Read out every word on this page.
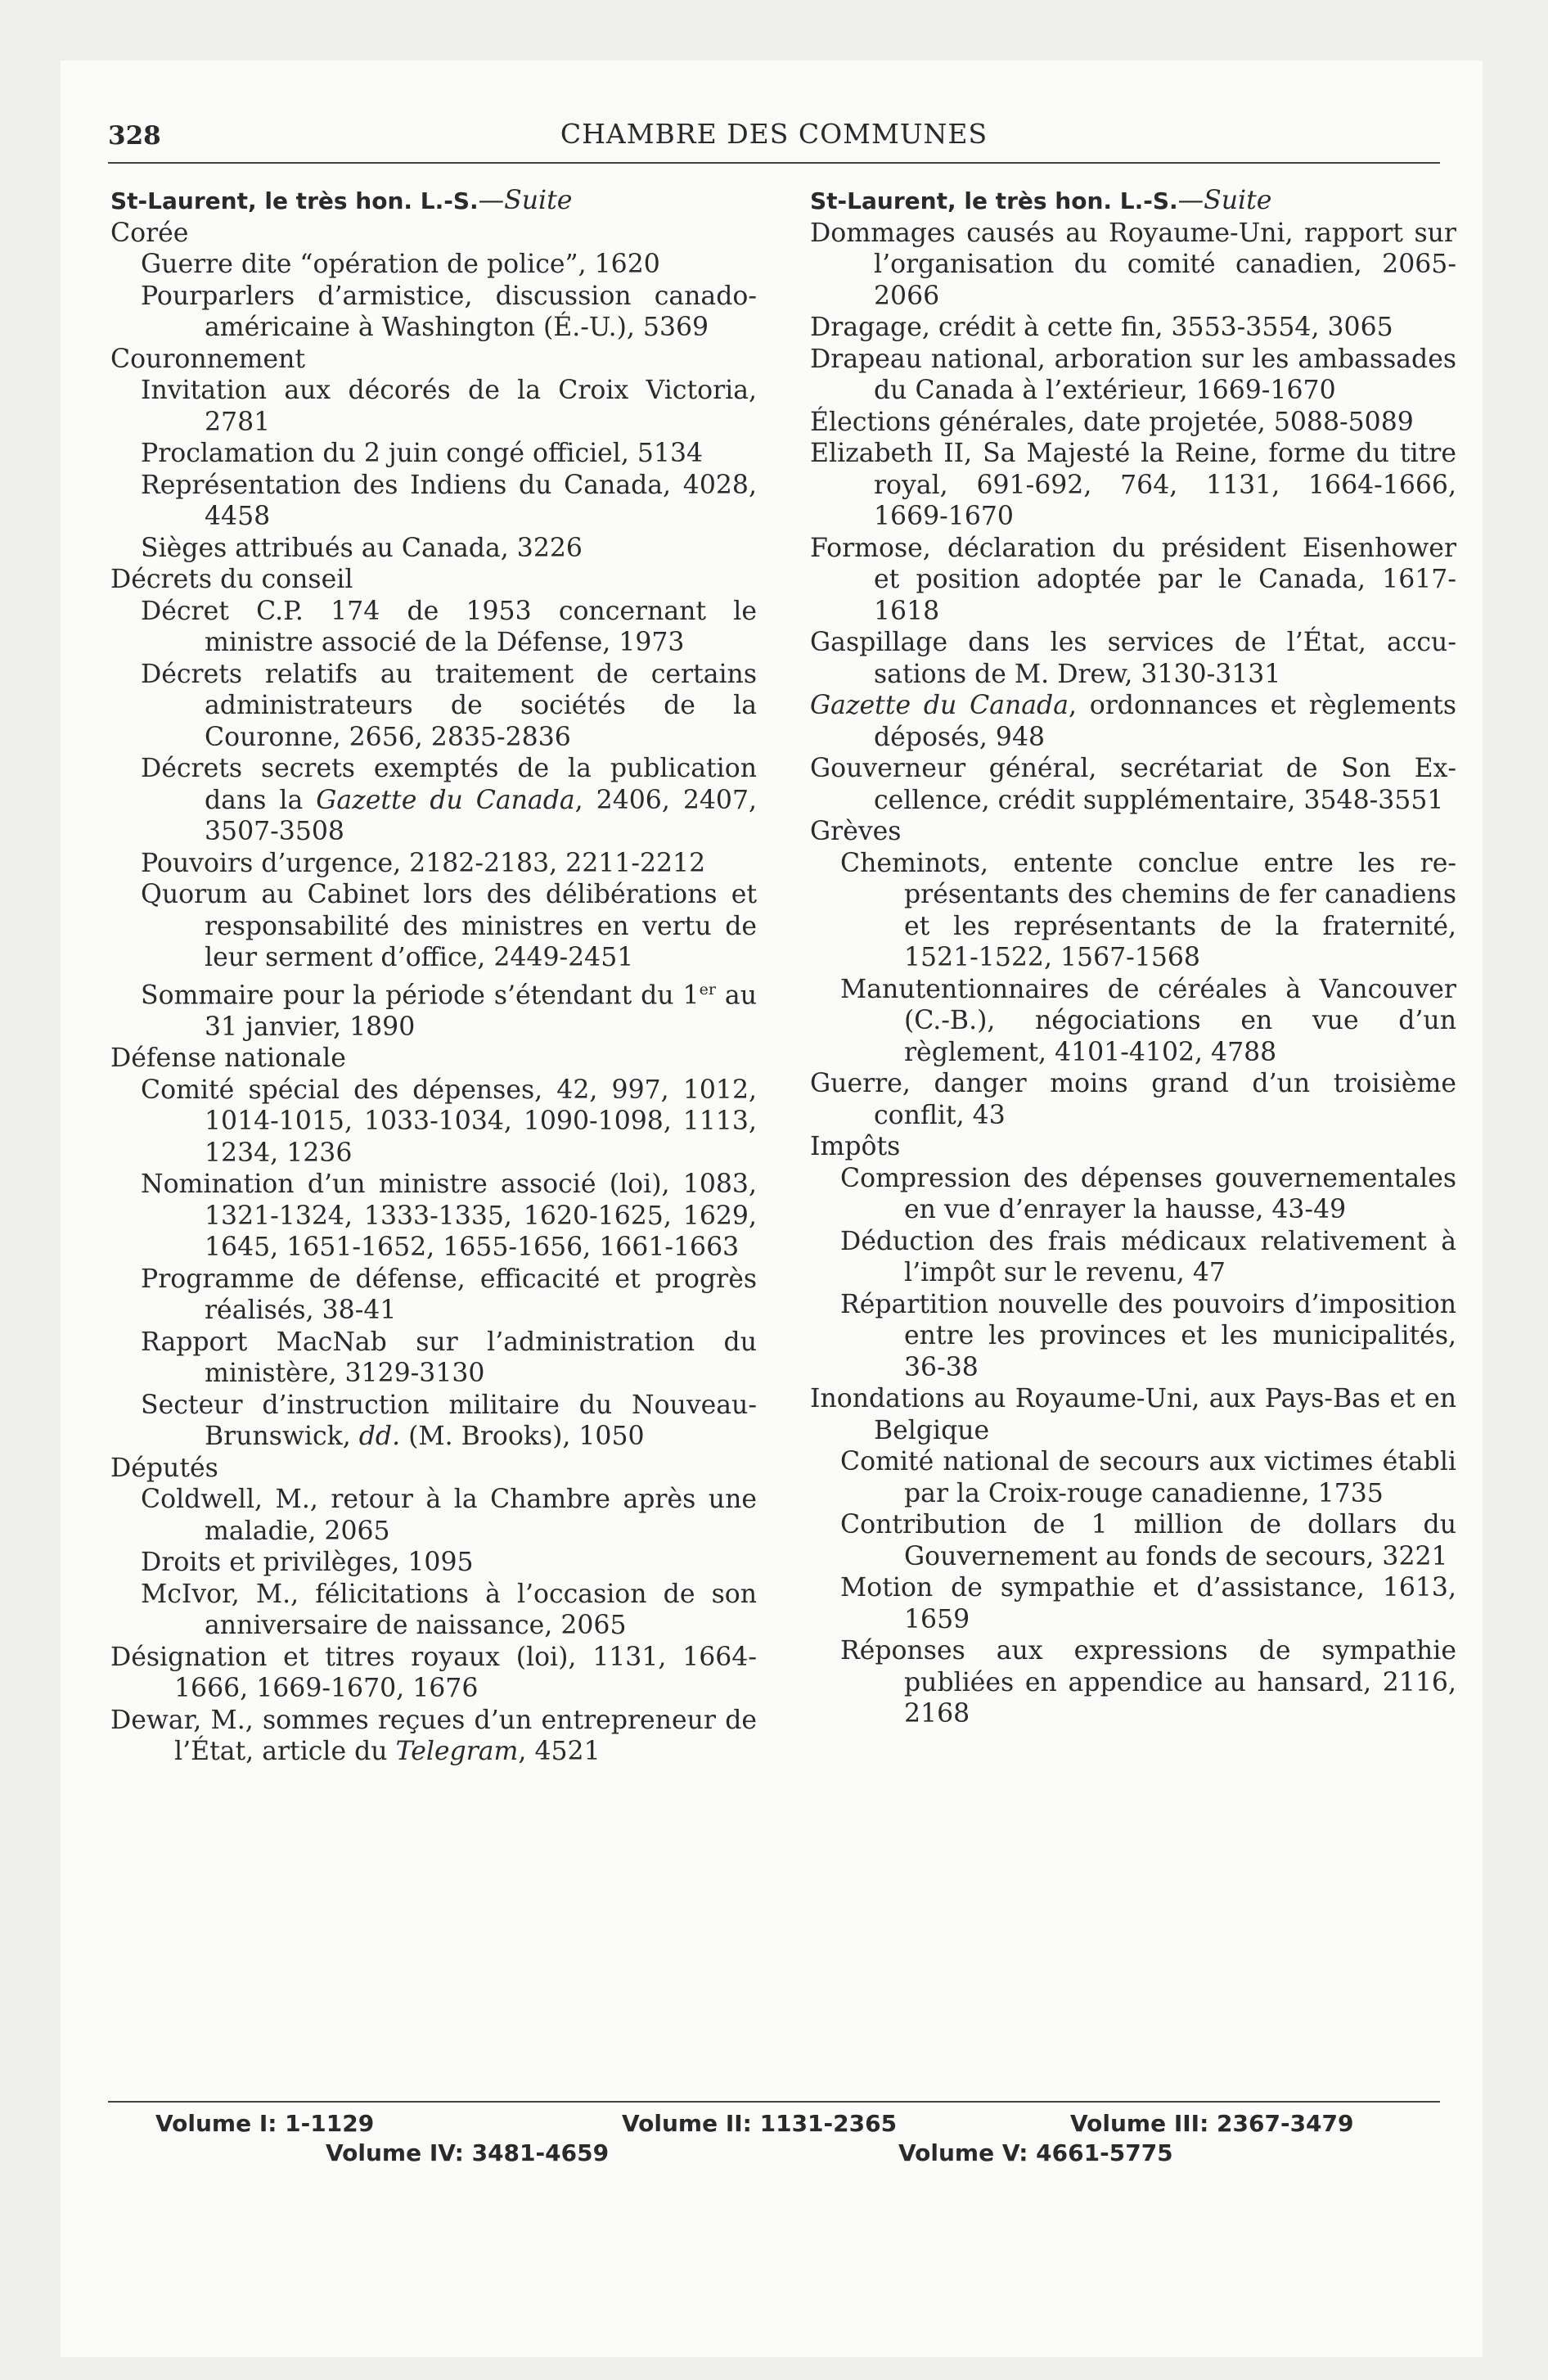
328	CHAMBRE DES COMMUNES
St-Laurent, le très hon. L.-S.—Suite
Corée
Guerre dite “opération de police”, 1620
Pourparlers d’armistice, discussion canado-américaine à Washington (É.-U.), 5369
Couronnement
Invitation aux décorés de la Croix Victoria, 2781
Proclamation du 2 juin congé officiel, 5134
Représentation des Indiens du Canada, 4028, 4458
Sièges attribués au Canada, 3226
Décrets du conseil
Décret C.P. 174 de 1953 concernant le ministre associé de la Défense, 1973
Décrets relatifs au traitement de certains administrateurs de sociétés de la Couronne, 2656, 2835-2836
Décrets secrets exemptés de la publication dans la Gazette du Canada, 2406, 2407, 3507-3508
Pouvoirs d’urgence, 2182-2183, 2211-2212
Quorum au Cabinet lors des délibérations et responsabilité des ministres en vertu de leur serment d’office, 2449-2451
Sommaire pour la période s’étendant du 1er au 31 janvier, 1890
Défense nationale
Comité spécial des dépenses, 42, 997, 1012, 1014-1015, 1033-1034, 1090-1098, 1113, 1234, 1236
Nomination d’un ministre associé (loi), 1083, 1321-1324, 1333-1335, 1620-1625, 1629, 1645, 1651-1652, 1655-1656, 1661-1663
Programme de défense, efficacité et progrès réalisés, 38-41
Rapport MacNab sur l’administration du ministère, 3129-3130
Secteur d’instruction militaire du Nouveau-Brunswick, dd. (M. Brooks), 1050
Députés
Coldwell, M., retour à la Chambre après une maladie, 2065
Droits et privilèges, 1095
McIvor, M., félicitations à l’occasion de son anniversaire de naissance, 2065
Désignation et titres royaux (loi), 1131, 1664-1666, 1669-1670, 1676
Dewar, M., sommes reçues d’un entrepreneur de l’État, article du Telegram, 4521
St-Laurent, le très hon. L.-S.—Suite
Dommages causés au Royaume-Uni, rapport sur l’organisation du comité canadien, 2065-2066
Dragage, crédit à cette fin, 3553-3554, 3065
Drapeau national, arboration sur les ambassades du Canada à l’extérieur, 1669-1670
Élections générales, date projetée, 5088-5089
Elizabeth II, Sa Majesté la Reine, forme du titre royal, 691-692, 764, 1131, 1664-1666, 1669-1670
Formose, déclaration du président Eisenhower et position adoptée par le Canada, 1617-1618
Gaspillage dans les services de l’État, accusations de M. Drew, 3130-3131
Gazette du Canada, ordonnances et règlements déposés, 948
Gouverneur général, secrétariat de Son Excellence, crédit supplémentaire, 3548-3551
Grèves
Cheminots, entente conclue entre les représentants des chemins de fer canadiens et les représentants de la fraternité, 1521-1522, 1567-1568
Manutentionnaires de céréales à Vancouver (C.-B.), négociations en vue d’un règlement, 4101-4102, 4788
Guerre, danger moins grand d’un troisième conflit, 43
Impôts
Compression des dépenses gouvernementales en vue d’enrayer la hausse, 43-49
Déduction des frais médicaux relativement à l’impôt sur le revenu, 47
Répartition nouvelle des pouvoirs d’imposition entre les provinces et les municipalités, 36-38
Inondations au Royaume-Uni, aux Pays-Bas et en Belgique
Comité national de secours aux victimes établi par la Croix-rouge canadienne, 1735
Contribution de 1 million de dollars du Gouvernement au fonds de secours, 3221
Motion de sympathie et d’assistance, 1613, 1659
Réponses aux expressions de sympathie publiées en appendice au hansard, 2116, 2168
Volume I: 1-1129	Volume II: 1131-2365	Volume III: 2367-3479
Volume IV: 3481-4659	Volume V: 4661-5775
